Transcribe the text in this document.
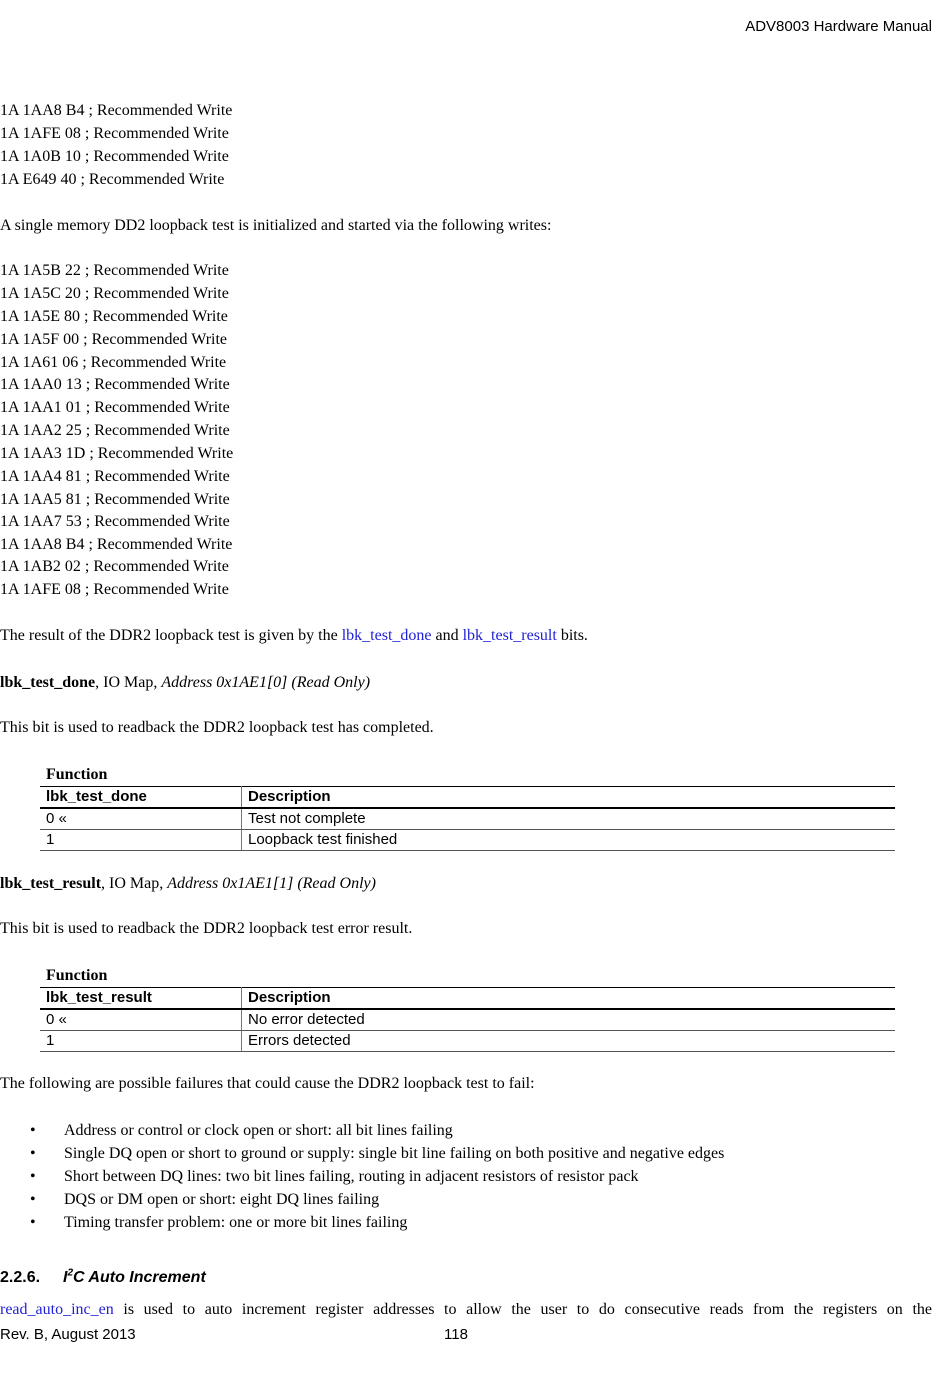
ADV8003 Hardware Manual
1A 1AA8 B4 ; Recommended Write
1A 1AFE 08 ; Recommended Write
1A 1A0B 10 ; Recommended Write
1A E649 40 ; Recommended Write
A single memory DD2 loopback test is initialized and started via the following writes:
1A 1A5B 22 ; Recommended Write
1A 1A5C 20 ; Recommended Write
1A 1A5E 80 ; Recommended Write
1A 1A5F 00 ; Recommended Write
1A 1A61 06 ; Recommended Write
1A 1AA0 13 ; Recommended Write
1A 1AA1 01 ; Recommended Write
1A 1AA2 25 ; Recommended Write
1A 1AA3 1D ; Recommended Write
1A 1AA4 81 ; Recommended Write
1A 1AA5 81 ; Recommended Write
1A 1AA7 53 ; Recommended Write
1A 1AA8 B4 ; Recommended Write
1A 1AB2 02 ; Recommended Write
1A 1AFE 08 ; Recommended Write
The result of the DDR2 loopback test is given by the lbk_test_done and lbk_test_result bits.
lbk_test_done, IO Map, Address 0x1AE1[0] (Read Only)
This bit is used to readback the DDR2 loopback test has completed.
Function
lbk_test_done	Description
0 «	Test not complete
1	Loopback test finished
lbk_test_result, IO Map, Address 0x1AE1[1] (Read Only)
This bit is used to readback the DDR2 loopback test error result.
Function
lbk_test_result	Description
0 «	No error detected
1	Errors detected
The following are possible failures that could cause the DDR2 loopback test to fail:
• Address or control or clock open or short: all bit lines failing
• Single DQ open or short to ground or supply: single bit line failing on both positive and negative edges
• Short between DQ lines: two bit lines failing, routing in adjacent resistors of resistor pack
• DQS or DM open or short: eight DQ lines failing
• Timing transfer problem: one or more bit lines failing
2.2.6. $I^2C$ Auto Increment
read_auto_inc_en is used to auto increment register addresses to allow the user to do consecutive reads from the registers on the
Rev. B, August 2013	118
